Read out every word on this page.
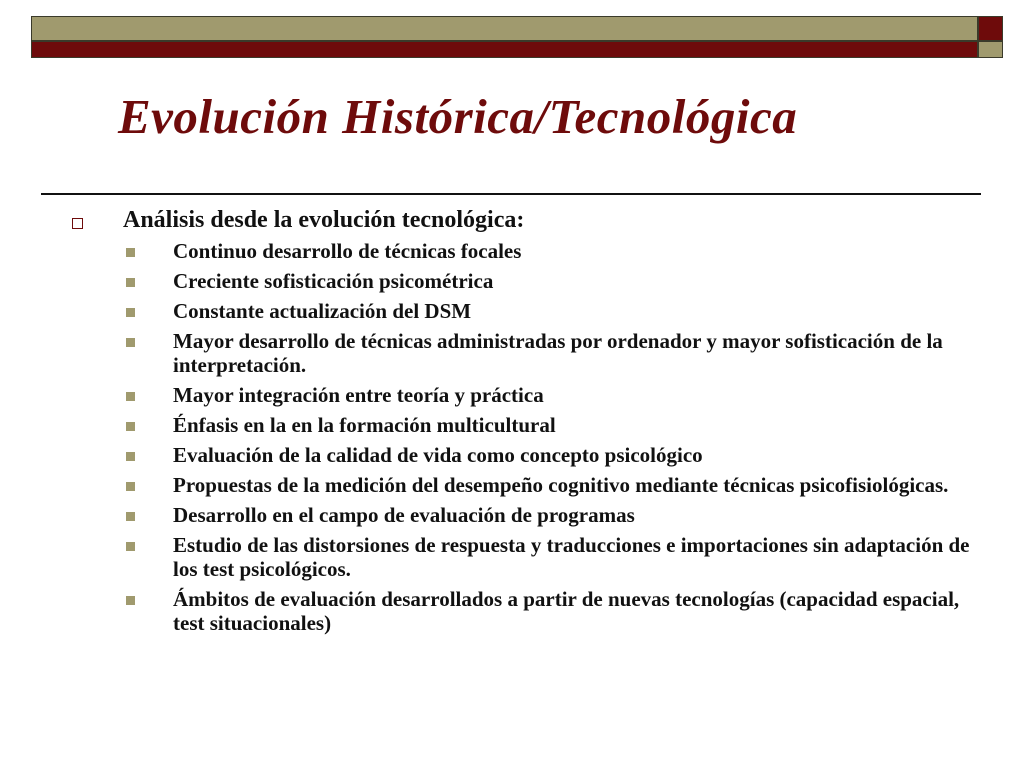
Evolución Histórica/Tecnológica
Análisis desde la evolución tecnológica:
Continuo desarrollo de técnicas focales
Creciente sofisticación psicométrica
Constante actualización del DSM
Mayor desarrollo de técnicas administradas por ordenador y mayor sofisticación de la interpretación.
Mayor integración entre teoría y práctica
Énfasis en la en la formación multicultural
Evaluación de la calidad de vida como concepto psicológico
Propuestas de la medición del desempeño cognitivo mediante técnicas psicofisiológicas.
Desarrollo en el campo de evaluación de programas
Estudio de las distorsiones de respuesta y traducciones e importaciones sin adaptación de los test psicológicos.
Ámbitos de evaluación desarrollados a partir de nuevas tecnologías (capacidad espacial, test situacionales)
